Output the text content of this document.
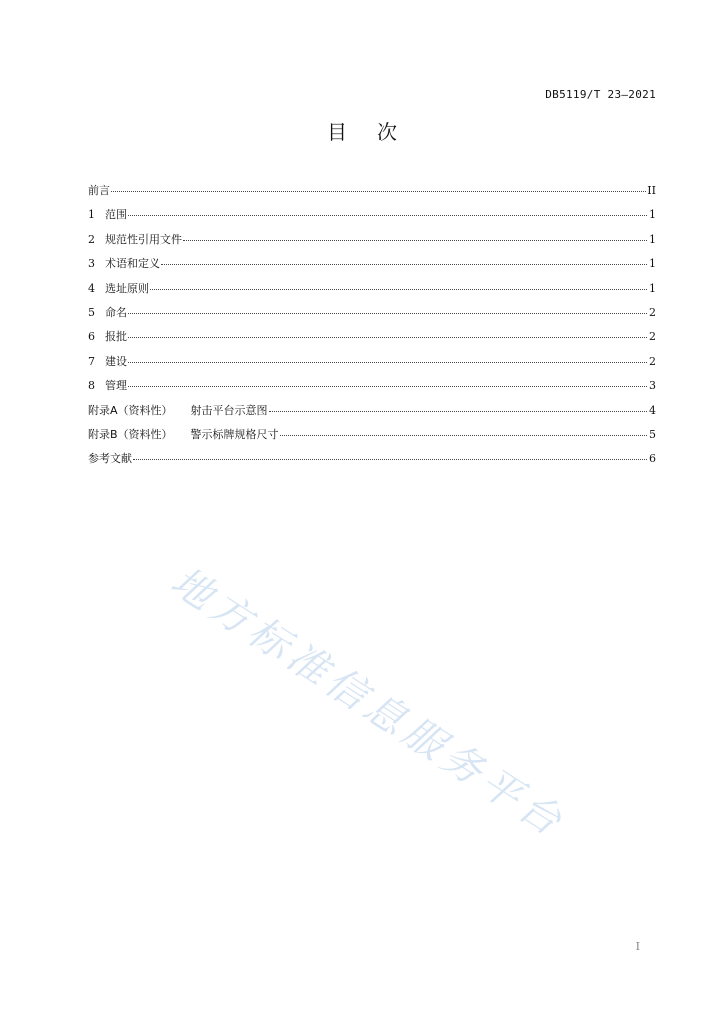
DB5119/T 23—2021
目次
前言	II
1 范围	1
2 规范性引用文件	1
3 术语和定义	1
4 选址原则	1
5 命名	2
6 报批	2
7 建设	2
8 管理	3
附录A（资料性） 射击平台示意图	4
附录B（资料性） 警示标牌规格尺寸	5
参考文献	6
地方标准信息服务平台
I
